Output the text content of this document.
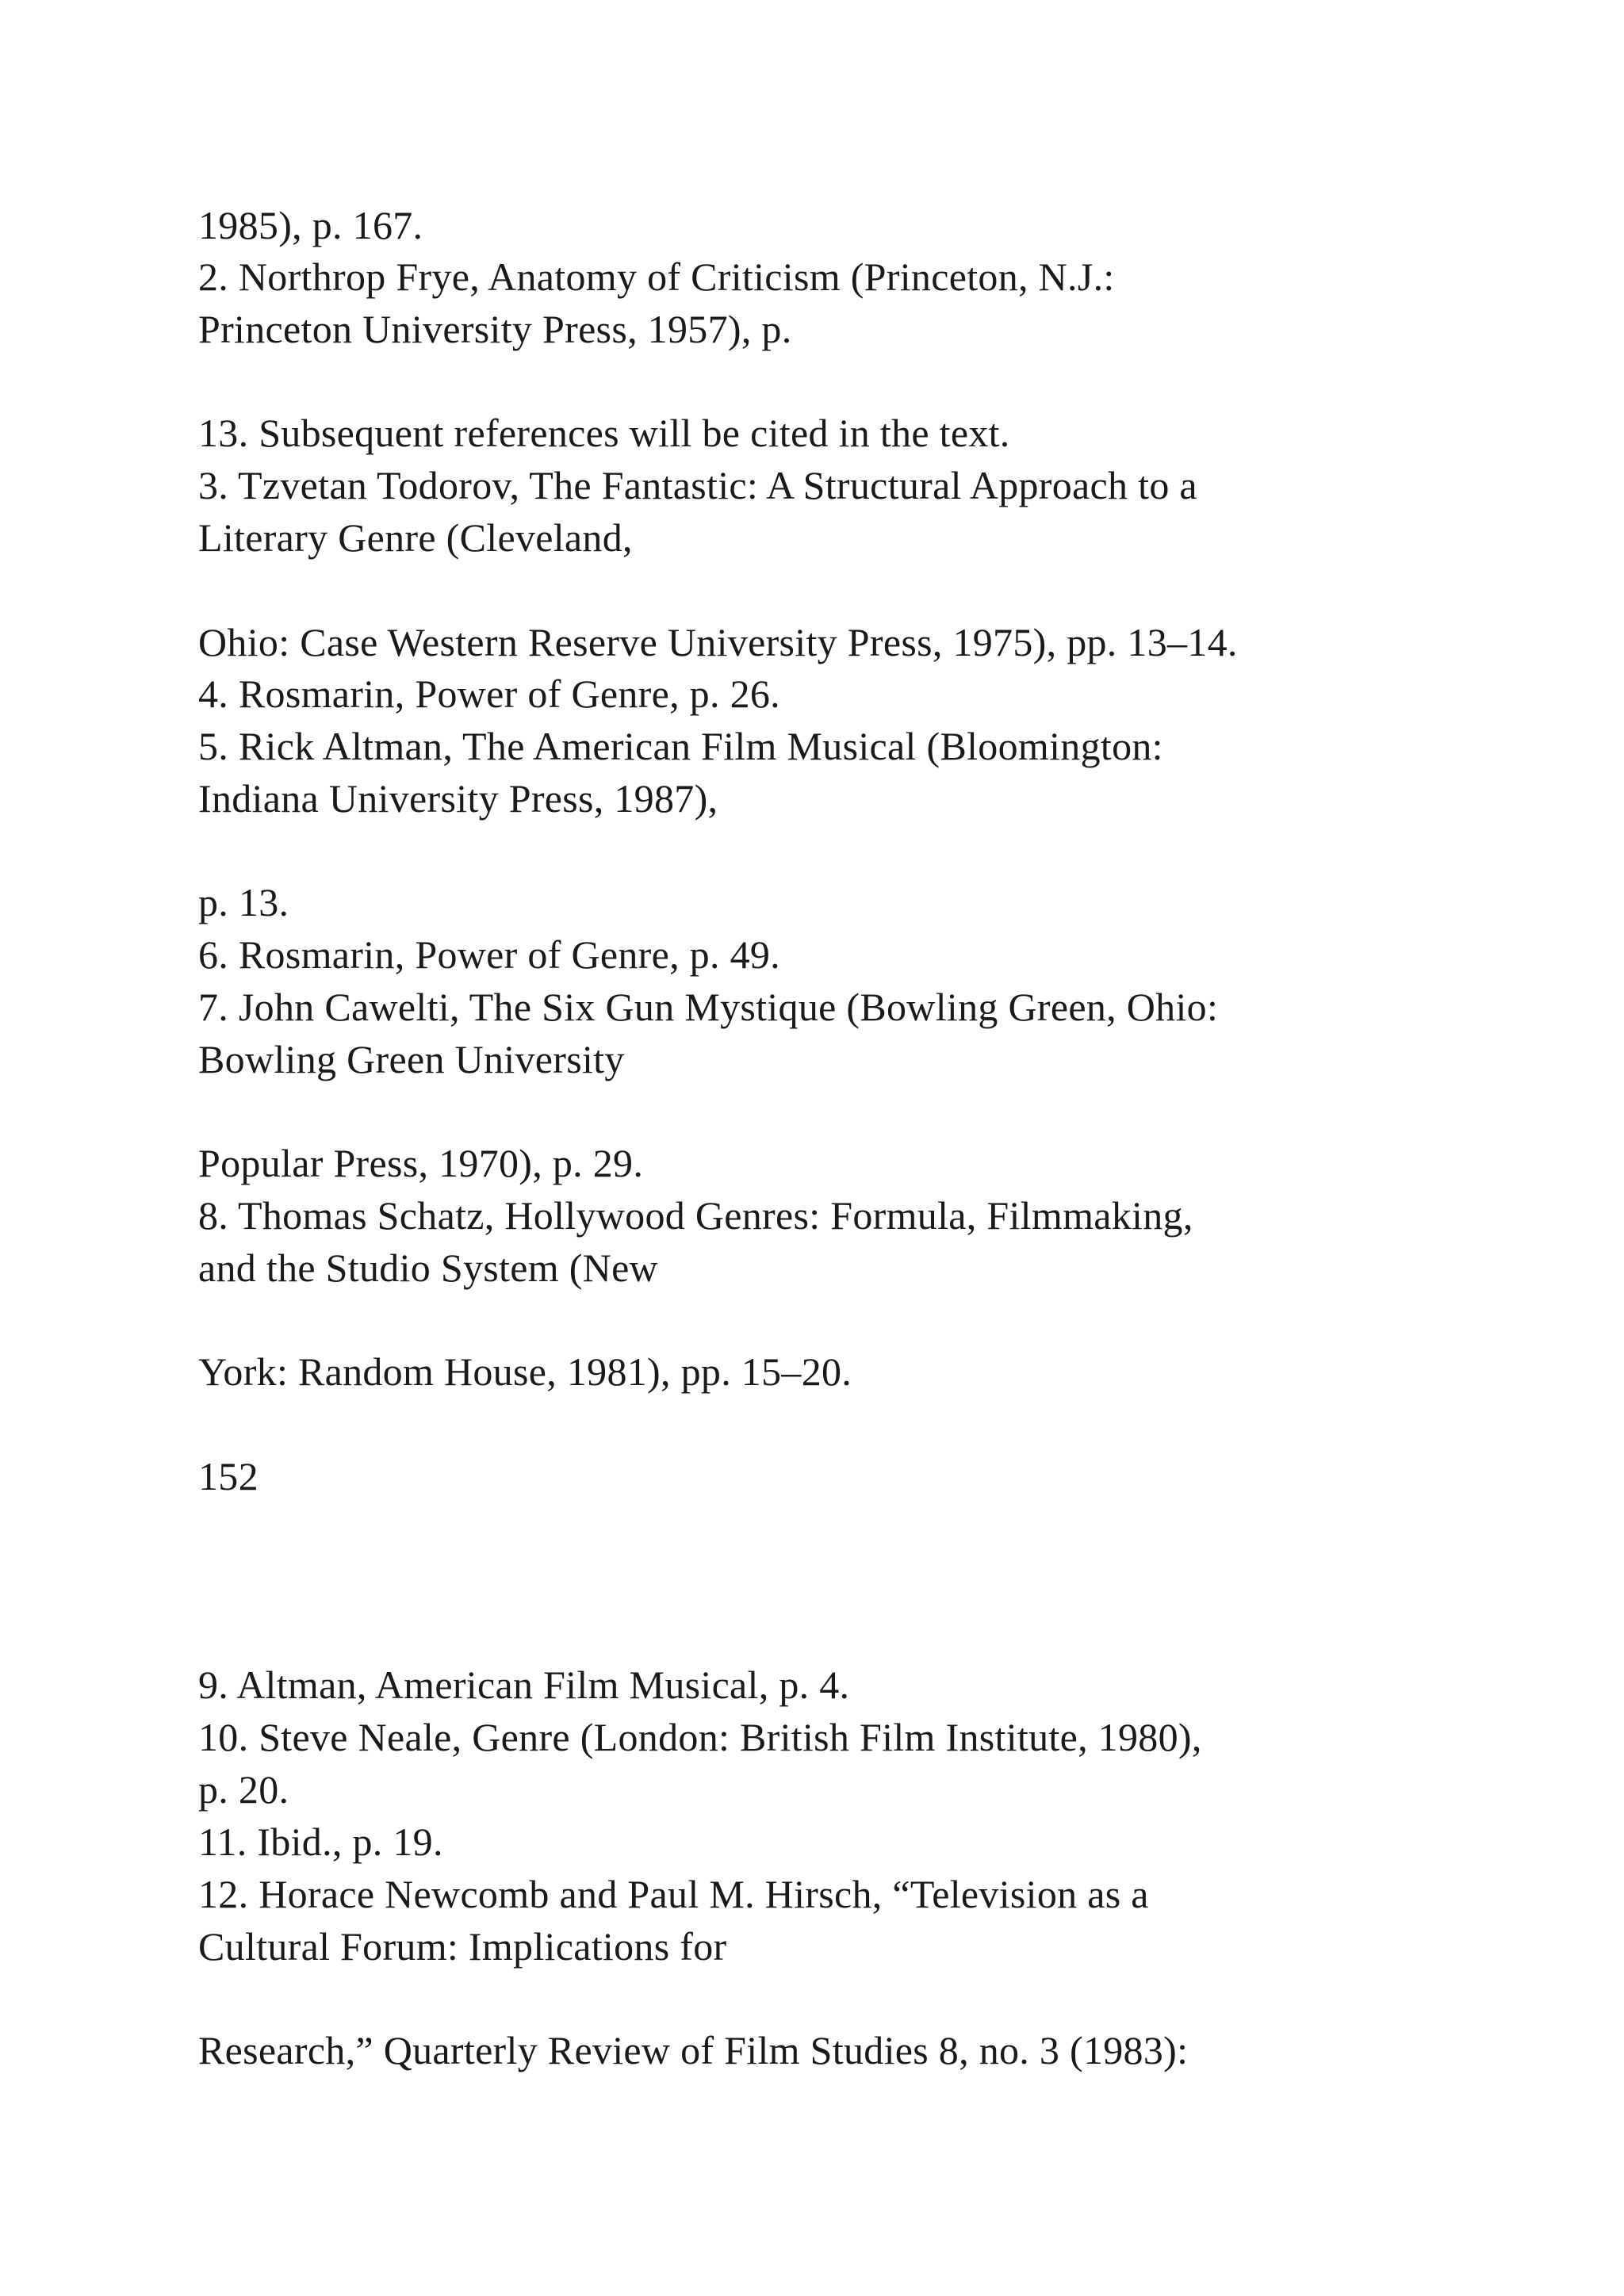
1985), p. 167.
2. Northrop Frye, Anatomy of Criticism (Princeton, N.J.:
Princeton University Press, 1957), p.
13. Subsequent references will be cited in the text.
3. Tzvetan Todorov, The Fantastic: A Structural Approach to a
Literary Genre (Cleveland,
Ohio: Case Western Reserve University Press, 1975), pp. 13–14.
4. Rosmarin, Power of Genre, p. 26.
5. Rick Altman, The American Film Musical (Bloomington:
Indiana University Press, 1987),
p. 13.
6. Rosmarin, Power of Genre, p. 49.
7. John Cawelti, The Six Gun Mystique (Bowling Green, Ohio:
Bowling Green University
Popular Press, 1970), p. 29.
8. Thomas Schatz, Hollywood Genres: Formula, Filmmaking,
and the Studio System (New
York: Random House, 1981), pp. 15–20.
152
9. Altman, American Film Musical, p. 4.
10. Steve Neale, Genre (London: British Film Institute, 1980),
p. 20.
11. Ibid., p. 19.
12. Horace Newcomb and Paul M. Hirsch, “Television as a
Cultural Forum: Implications for
Research,” Quarterly Review of Film Studies 8, no. 3 (1983):
